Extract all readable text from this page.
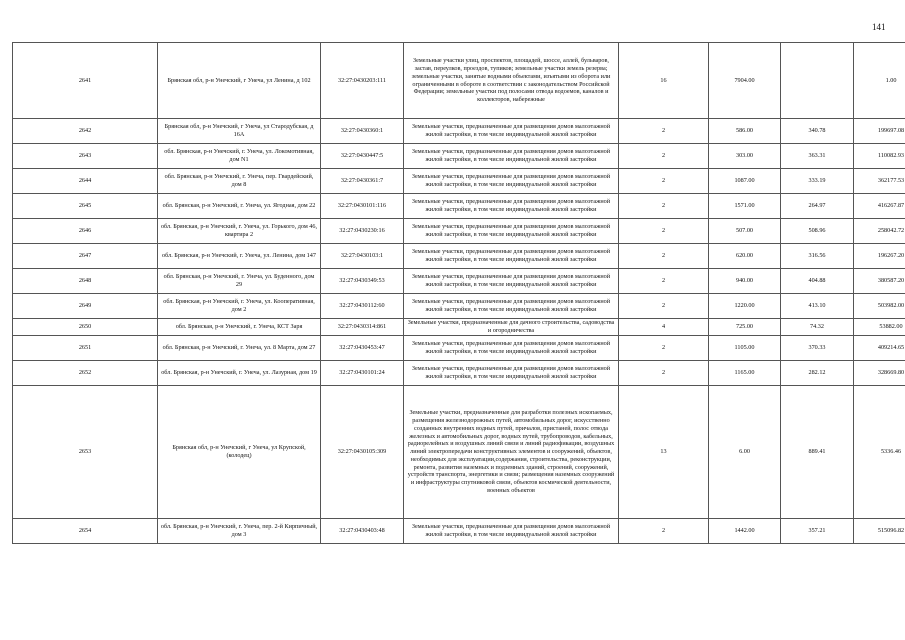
141
2641	Брянская обл, р-н Унечский, г Унеча, ул Ленина, д 102	32:27:0430203:111	Земельные участки улиц, проспектов, площадей, шоссе, аллей, бульваров, застав, переулков, проездов, тупиков; земельные участки земель резерва; земельные участки, занятые водными объектами, изъятыми из оборота или ограниченными в обороте в соответствии с законодательством Российской Федерации; земельные участки под полосами отвода водоемов, каналов и коллекторов, набережные	16	7904.00		1.00
2642	Брянская обл, р-н Унечский, г Унеча, ул Стародубская, д 16А	32:27:0430360:1	Земельные участки, предназначенные для размещения домов малоэтажной жилой застройки, в том числе индивидуальной жилой застройки	2	586.00	340.78	199697.08
2643	обл. Брянская, р-н Унечский, г. Унеча, ул. Локомотивная, дом N1	32:27:0430447:5	Земельные участки, предназначенные для размещения домов малоэтажной жилой застройки, в том числе индивидуальной жилой застройки	2	303.00	363.31	110082.93
2644	обл. Брянская, р-н Унечский, г. Унеча, пер. Гвардейский, дом 8	32:27:0430361:7	Земельные участки, предназначенные для размещения домов малоэтажной жилой застройки, в том числе индивидуальной жилой застройки	2	1087.00	333.19	362177.53
2645	обл. Брянская, р-н Унечский, г. Унеча, ул. Ягодная, дом 22	32:27:0430101:116	Земельные участки, предназначенные для размещения домов малоэтажной жилой застройки, в том числе индивидуальной жилой застройки	2	1571.00	264.97	416267.87
2646	обл. Брянская, р-н Унечский, г. Унеча, ул. Горького, дом 46, квартира 2	32:27:0430230:16	Земельные участки, предназначенные для размещения домов малоэтажной жилой застройки, в том числе индивидуальной жилой застройки	2	507.00	508.96	258042.72
2647	обл. Брянская, р-н Унечский, г. Унеча, ул. Ленина, дом 147	32:27:0430103:1	Земельные участки, предназначенные для размещения домов малоэтажной жилой застройки, в том числе индивидуальной жилой застройки	2	620.00	316.56	196267.20
2648	обл. Брянская, р-н Унечский, г. Унеча, ул. Буденного, дом 29	32:27:0430349:53	Земельные участки, предназначенные для размещения домов малоэтажной жилой застройки, в том числе индивидуальной жилой застройки	2	940.00	404.88	380587.20
2649	обл. Брянская, р-н Унечский, г. Унеча, ул. Кооперативная, дом 2	32:27:0430112:60	Земельные участки, предназначенные для размещения домов малоэтажной жилой застройки, в том числе индивидуальной жилой застройки	2	1220.00	413.10	503982.00
2650	обл. Брянская, р-н Унечский, г. Унеча, КСТ Заря	32:27:0430314:861	Земельные участки, предназначенные для дачного строительства, садоводства и огородничества	4	725.00	74.32	53882.00
2651	обл. Брянская, р-н Унечский, г. Унеча, ул. 8 Марта, дом 27	32:27:0430453:47	Земельные участки, предназначенные для размещения домов малоэтажной жилой застройки, в том числе индивидуальной жилой застройки	2	1105.00	370.33	409214.65
2652	обл. Брянская, р-н Унечский, г. Унеча, ул. Лазурная, дом 19	32:27:0430101:24	Земельные участки, предназначенные для размещения домов малоэтажной жилой застройки, в том числе индивидуальной жилой застройки	2	1165.00	282.12	328669.80
2653	Брянская обл, р-н Унечский, г Унеча, ул Крупской, (колодец)	32:27:0430105:309	Земельные участки, предназначенные для разработки полезных ископаемых, размещения железнодорожных путей, автомобильных дорог, искусственно созданных внутренних водных путей, причалов, пристаней, полос отвода железных и автомобильных дорог, водных путей, трубопроводов, кабельных, радиорелейных и воздушных линий связи и линий радиофикации, воздушных линий электропередачи конструктивных элементов и сооружений, объектов, необходимых для эксплуатации,содержания, строительства, реконструкции, ремонта, развития наземных и подземных зданий, строений, сооружений, устройств транспорта, энергетики и связи; размещения наземных сооружений и инфраструктуры спутниковой связи, объектов космической деятельности, военных объектов	13	6.00	889.41	5336.46
2654	обл. Брянская, р-н Унечский, г. Унеча, пер. 2-й Кирпичный, дом 3	32:27:0430403:48	Земельные участки, предназначенные для размещения домов малоэтажной жилой застройки, в том числе индивидуальной жилой застройки	2	1442.00	357.21	515096.82
